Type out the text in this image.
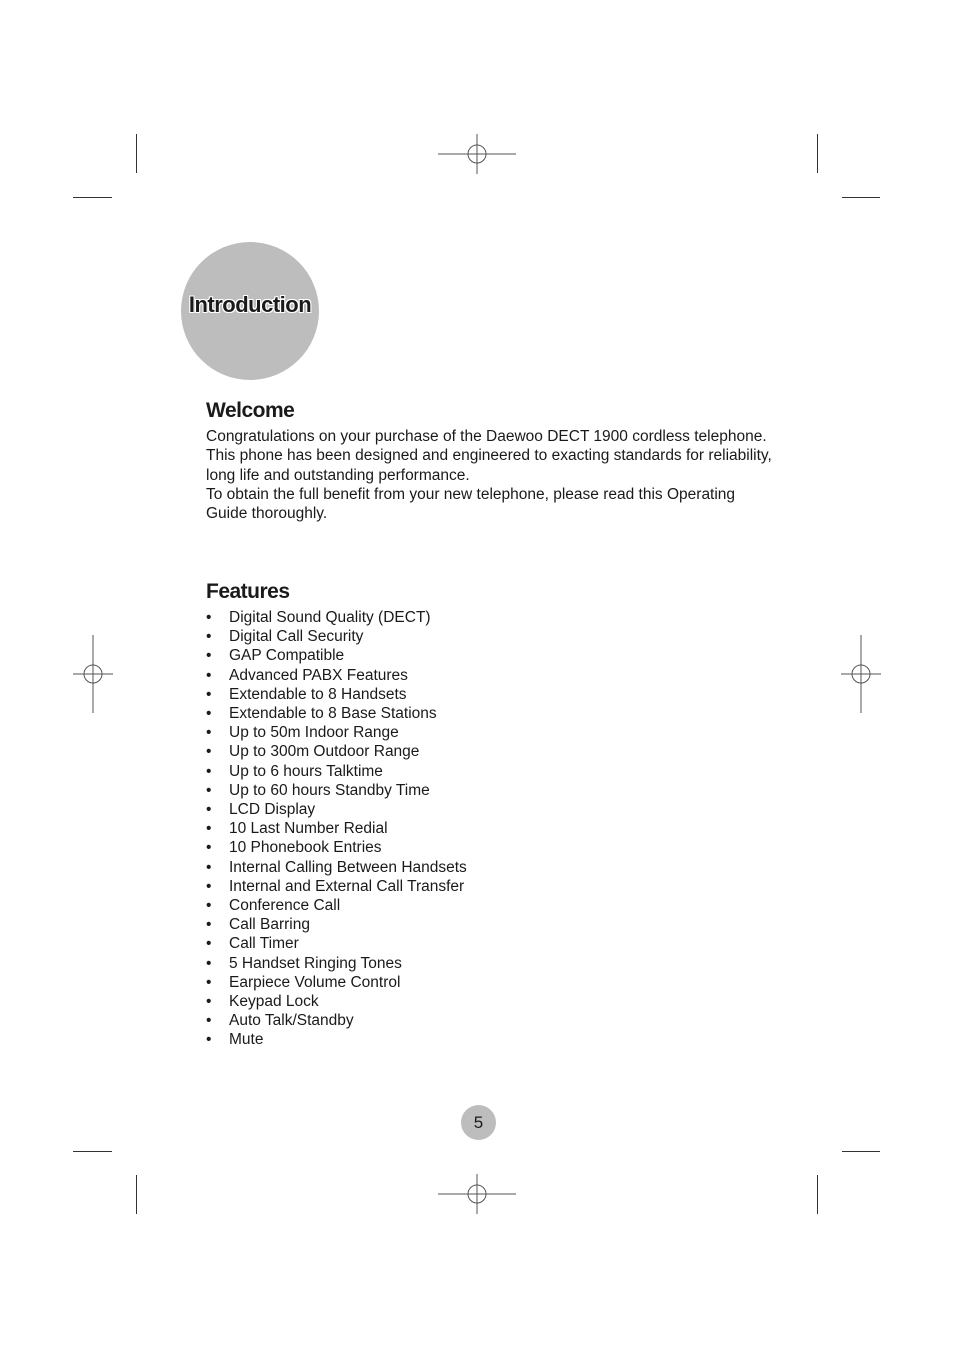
Introduction
Welcome

Congratulations on your purchase of the Daewoo DECT 1900 cordless telephone.

This phone has been designed and engineered to exacting standards for reliability, long life and outstanding performance.

To obtain the full benefit from your new telephone, please read this Operating Guide thoroughly.

Features
• Digital Sound Quality (DECT)
• Digital Call Security
• GAP Compatible
• Advanced PABX Features
• Extendable to 8 Handsets
• Extendable to 8 Base Stations
• Up to 50m Indoor Range
• Up to 300m Outdoor Range
• Up to 6 hours Talktime
• Up to 60 hours Standby Time
• LCD Display
• 10 Last Number Redial
• 10 Phonebook Entries
• Internal Calling Between Handsets
• Internal and External Call Transfer
• Conference Call
• Call Barring
• Call Timer
• 5 Handset Ringing Tones
• Earpiece Volume Control
• Keypad Lock
• Auto Talk/Standby
• Mute
5
